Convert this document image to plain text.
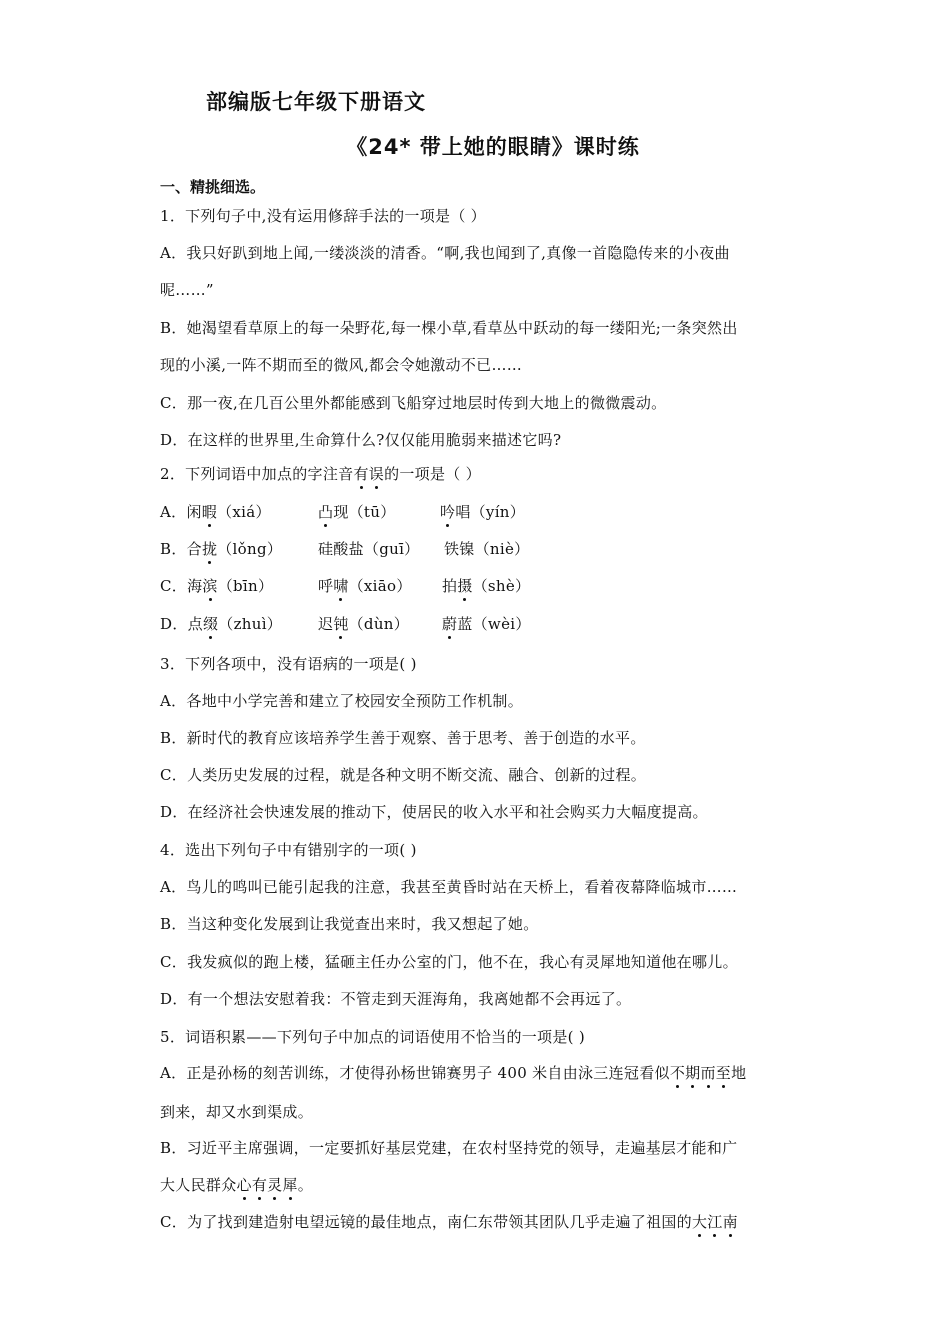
部编版七年级下册语文
《24* 带上她的眼睛》课时练
一、精挑细选。
1．下列句子中,没有运用修辞手法的一项是（ ）
A．我只好趴到地上闻,一缕淡淡的清香。“啊,我也闻到了,真像一首隐隐传来的小夜曲
呢……”
B．她渴望看草原上的每一朵野花,每一棵小草,看草丛中跃动的每一缕阳光;一条突然出
现的小溪,一阵不期而至的微风,都会令她激动不已……
C．那一夜,在几百公里外都能感到飞船穿过地层时传到大地上的微微震动。
D．在这样的世界里,生命算什么?仅仅能用脆弱来描述它吗?
2．下列词语中加点的字注音有误的一项是（ ）
A．闲暇（xiá）	凸现（tū）	吟唱（yín）
B．合拢（lǒng） 硅酸盐（guī） 铁镍（niè）
C．海滨（bīn）	呼啸（xiāo） 拍摄（shè）
D．点缀（zhuì） 迟钝（dùn） 蔚蓝（wèi）
3．下列各项中，没有语病的一项是( )
A．各地中小学完善和建立了校园安全预防工作机制。
B．新时代的教育应该培养学生善于观察、善于思考、善于创造的水平。
C．人类历史发展的过程，就是各种文明不断交流、融合、创新的过程。
D．在经济社会快速发展的推动下，使居民的收入水平和社会购买力大幅度提高。
4．选出下列句子中有错别字的一项( )
A．鸟儿的鸣叫已能引起我的注意，我甚至黄昏时站在天桥上，看着夜幕降临城市……
B．当这种变化发展到让我觉查出来时，我又想起了她。
C．我发疯似的跑上楼，猛砸主任办公室的门，他不在，我心有灵犀地知道他在哪儿。
D．有一个想法安慰着我：不管走到天涯海角，我离她都不会再远了。
5．词语积累——下列句子中加点的词语使用不恰当的一项是( )
A．正是孙杨的刻苦训练，才使得孙杨世锦赛男子 400 米自由泳三连冠看似不期而至地
到来，却又水到渠成。
B．习近平主席强调，一定要抓好基层党建，在农村坚持党的领导，走遍基层才能和广
大人民群众心有灵犀。
C．为了找到建造射电望远镜的最佳地点，南仁东带领其团队几乎走遍了祖国的大江南
